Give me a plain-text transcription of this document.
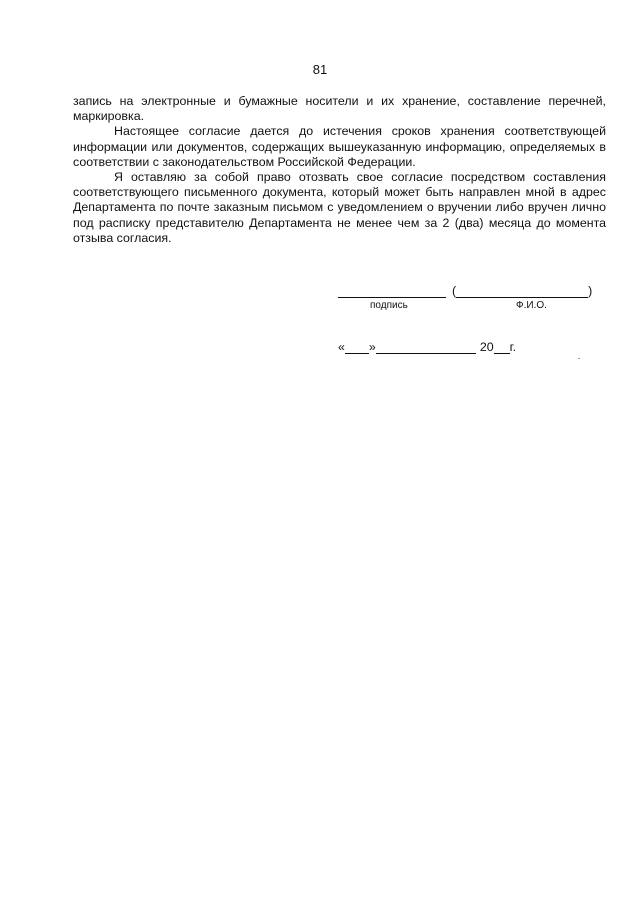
81

запись на электронные и бумажные носители и их хранение, составление перечней, маркировка.

Настоящее согласие дается до истечения сроков хранения соответствующей информации или документов, содержащих вышеуказанную информацию, определяемых в соответствии с законодательством Российской Федерации.

Я оставляю за собой право отозвать свое согласие посредством составления соответствующего письменного документа, который может быть направлен мной в адрес Департамента по почте заказным письмом с уведомлением о вручении либо вручен лично под расписку представителю Департамента не менее чем за 2 (два) месяца до момента отзыва согласия.

(	)
подпись	Ф.И.О.
« »	20 г.
